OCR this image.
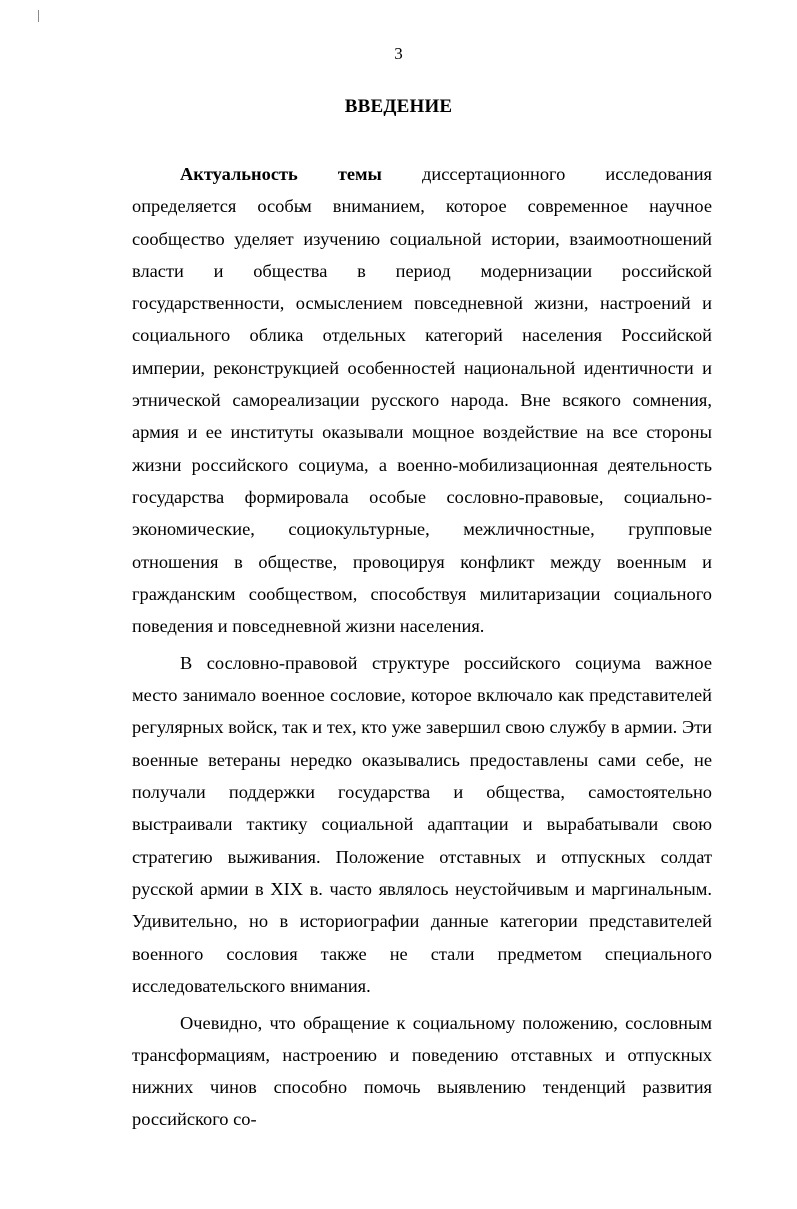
3
ВВЕДЕНИЕ

Актуальность темы диссертационного исследования определяется особьм вниманием, которое современное научное сообщество уделяет изучению социальной истории, взаимоотношений власти и общества в период модернизации российской государственности, осмыслением повседневной жизни, настроений и социального облика отдельных категорий населения Российской империи, реконструкцией особенностей национальной идентичности и этнической самореализации русского народа. Вне всякого сомнения, армия и ее институты оказывали мощное воздействие на все стороны жизни российского социума, а военно-мобилизационная деятельность государства формировала особые сословно-правовые, социально-экономические, социокультурные, межличностные, групповые отношения в обществе, провоцируя конфликт между военным и гражданским сообществом, способствуя милитаризации социального поведения и повседневной жизни населения.

В сословно-правовой структуре российского социума важное место занимало военное сословие, которое включало как представителей регулярных войск, так и тех, кто уже завершил свою службу в армии. Эти военные ветераны нередко оказывались предоставлены сами себе, не получали поддержки государства и общества, самостоятельно выстраивали тактику социальной адаптации и вырабатывали свою стратегию выживания. Положение отставных и отпускных солдат русской армии в XIX в. часто являлось неустойчивым и маргинальным. Удивительно, но в историографии данные категории представителей военного сословия также не стали предметом специального исследовательского внимания.

Очевидно, что обращение к социальному положению, сословным трансформациям, настроению и поведению отставных и отпускных нижних чинов способно помочь выявлению тенденций развития российского со-
